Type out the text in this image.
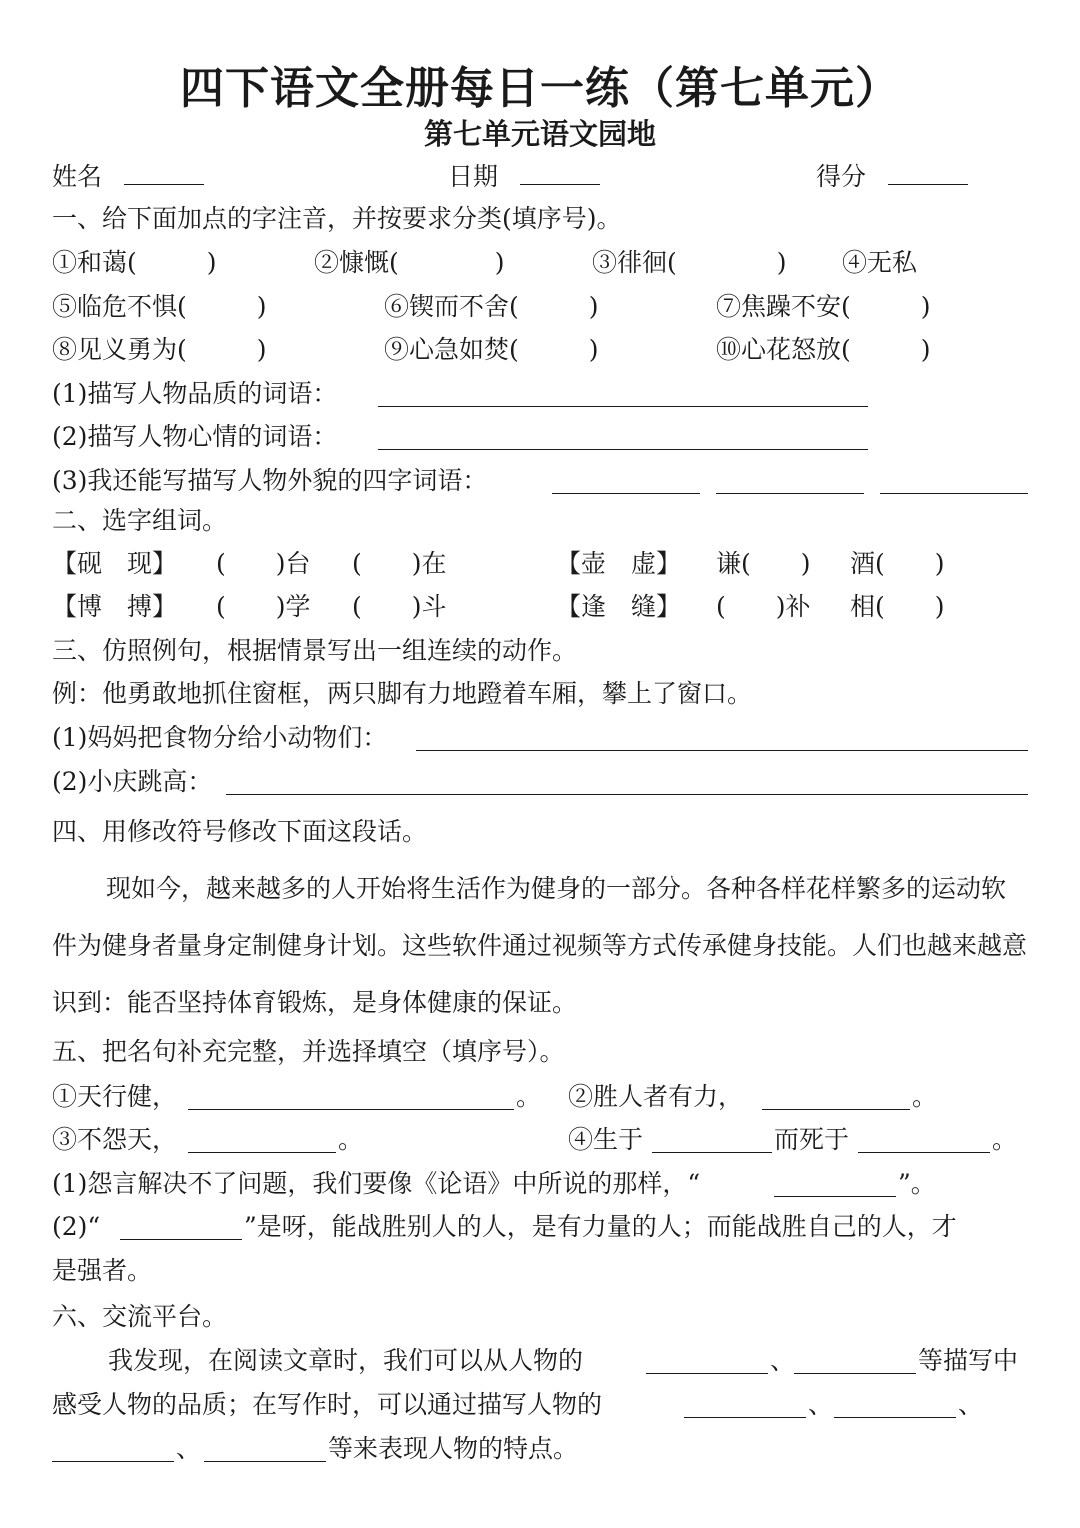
四下语文全册每日一练（第七单元）
第七单元语文园地
姓名	日期	得分
一、给下面加点的字注音，并按要求分类(填序号)。
①和蔼(	)	②慷慨(	)	③徘徊(	) ④无私
⑤临危不惧(	)	⑥锲而不舍(	)	⑦焦躁不安(	)
⑧见义勇为(	)	⑨心急如焚(	)	⑩心花怒放(	)
(1)描写人物品质的词语：
(2)描写人物心情的词语：
(3)我还能写描写人物外貌的四字词语：
二、选字组词。
【砚　现】 (　　)台 (　　)在	【壶　虚】 谦(　　) 酒(　　)
【博　搏】 (　　)学 (　　)斗	【逢　缝】 (　　)补 相(　　)
三、仿照例句，根据情景写出一组连续的动作。
例：他勇敢地抓住窗框，两只脚有力地蹬着车厢，攀上了窗口。
(1)妈妈把食物分给小动物们：
(2)小庆跳高：
四、用修改符号修改下面这段话。
现如今，越来越多的人开始将生活作为健身的一部分。各种各样花样繁多的运动软件为健身者量身定制健身计划。这些软件通过视频等方式传承健身技能。人们也越来越意识到：能否坚持体育锻炼，是身体健康的保证。
五、把名句补充完整，并选择填空（填序号）。
①天行健，	。 ②胜人者有力，	。
③不怨天，	。	④生于	而死于	。
(1)怨言解决不了问题，我们要像《论语》中所说的那样，“	”。
(2)“	”是呀，能战胜别人的人，是有力量的人；而能战胜自己的人，才
是强者。
六、交流平台。
我发现，在阅读文章时，我们可以从人物的	、	等描写中
感受人物的品质；在写作时，可以通过描写人物的	、	、
、	等来表现人物的特点。
